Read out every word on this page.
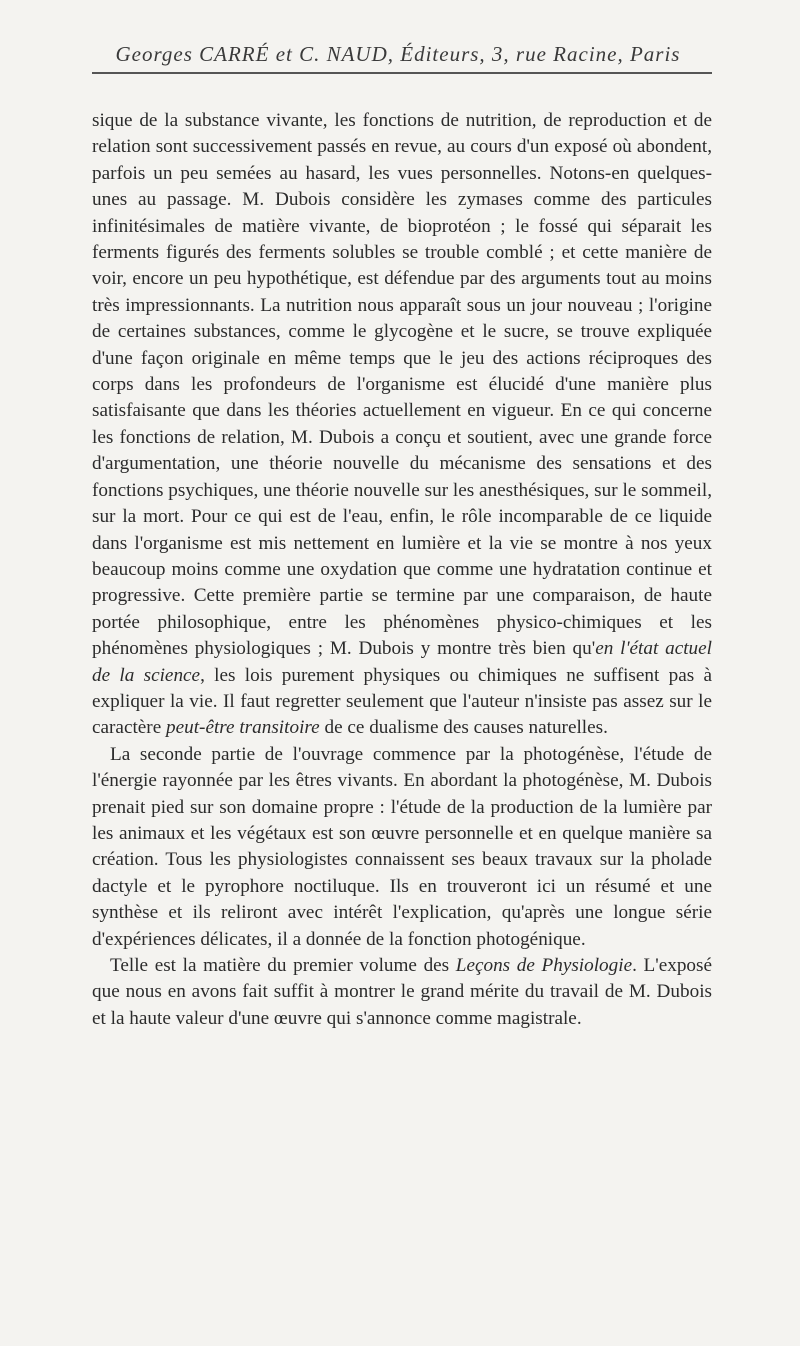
Georges CARRÉ et C. NAUD, Éditeurs, 3, rue Racine, Paris

sique de la substance vivante, les fonctions de nutrition, de reproduction et de relation sont successivement passés en revue, au cours d'un exposé où abondent, parfois un peu semées au hasard, les vues personnelles. Notons-en quelques-unes au passage. M. Dubois considère les zymases comme des particules infinitésimales de matière vivante, de bioprotéon ; le fossé qui séparait les ferments figurés des ferments solubles se trouble comblé ; et cette manière de voir, encore un peu hypothétique, est défendue par des arguments tout au moins très impressionnants. La nutrition nous apparaît sous un jour nouveau ; l'origine de certaines substances, comme le glycogène et le sucre, se trouve expliquée d'une façon originale en même temps que le jeu des actions réciproques des corps dans les profondeurs de l'organisme est élucidé d'une manière plus satisfaisante que dans les théories actuellement en vigueur. En ce qui concerne les fonctions de relation, M. Dubois a conçu et soutient, avec une grande force d'argumentation, une théorie nouvelle du mécanisme des sensations et des fonctions psychiques, une théorie nouvelle sur les anesthésiques, sur le sommeil, sur la mort. Pour ce qui est de l'eau, enfin, le rôle incomparable de ce liquide dans l'organisme est mis nettement en lumière et la vie se montre à nos yeux beaucoup moins comme une oxydation que comme une hydratation continue et progressive. Cette première partie se termine par une comparaison, de haute portée philosophique, entre les phénomènes physico-chimiques et les phénomènes physiologiques ; M. Dubois y montre très bien qu'en l'état actuel de la science, les lois purement physiques ou chimiques ne suffisent pas à expliquer la vie. Il faut regretter seulement que l'auteur n'insiste pas assez sur le caractère peut-être transitoire de ce dualisme des causes naturelles.

La seconde partie de l'ouvrage commence par la photogénèse, l'étude de l'énergie rayonnée par les êtres vivants. En abordant la photogénèse, M. Dubois prenait pied sur son domaine propre : l'étude de la production de la lumière par les animaux et les végétaux est son œuvre personnelle et en quelque manière sa création. Tous les physiologistes connaissent ses beaux travaux sur la pholade dactyle et le pyrophore noctiluque. Ils en trouveront ici un résumé et une synthèse et ils reliront avec intérêt l'explication, qu'après une longue série d'expériences délicates, il a donnée de la fonction photogénique.

Telle est la matière du premier volume des Leçons de Physiologie. L'exposé que nous en avons fait suffit à montrer le grand mérite du travail de M. Dubois et la haute valeur d'une œuvre qui s'annonce comme magistrale.
